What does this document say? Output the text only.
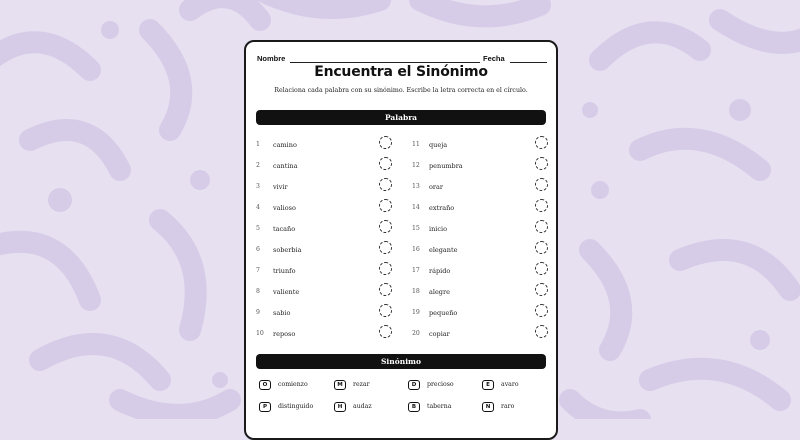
Nombre	Fecha
Encuentra el Sinónimo
Relaciona cada palabra con su sinónimo. Escribe la letra correcta en el círculo.
Palabra
1	camino
2	cantina
3	vivir
4	valioso
5	tacaño
6	soberbia
7	triunfo
8	valiente
9	sabio
10	reposo
11	queja
12	penumbra
13	orar
14	extraño
15	inicio
16	elegante
17	rápido
18	alegre
19	pequeño
20	copiar
Sinónimo
O	comienzo	M	rezar	D	precioso	E	avaro
P	distinguido	H	audaz	B	taberna	N	raro
